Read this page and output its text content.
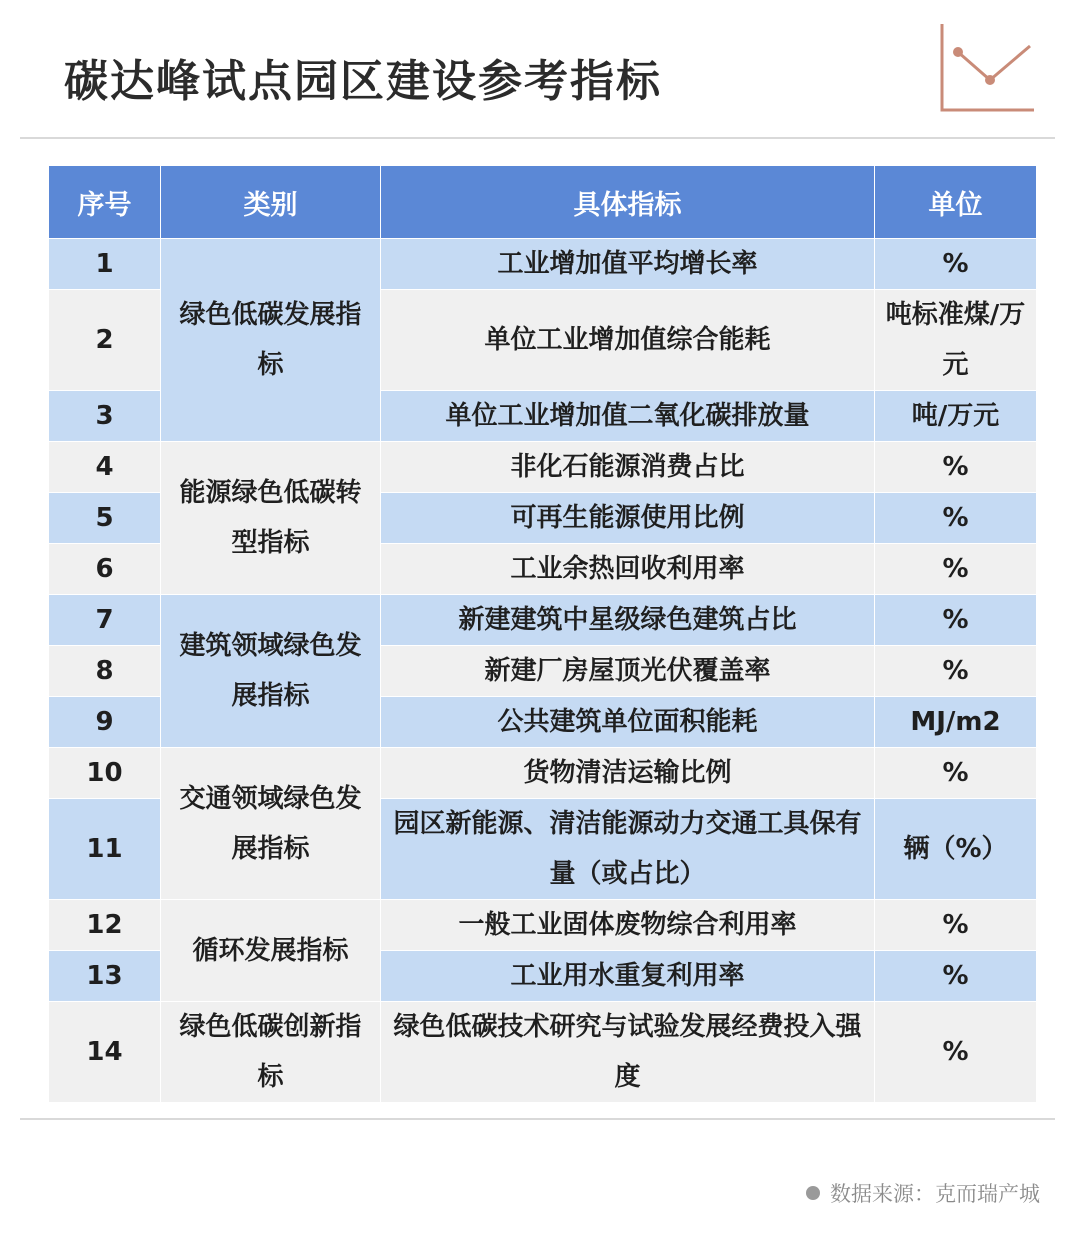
碳达峰试点园区建设参考指标
序号	类别	具体指标	单位
1	绿色低碳发展指标	工业增加值平均增长率	%
2		单位工业增加值综合能耗	吨标准煤/万元
3		单位工业增加值二氧化碳排放量	吨/万元
4	能源绿色低碳转型指标	非化石能源消费占比	%
5		可再生能源使用比例	%
6		工业余热回收利用率	%
7	建筑领域绿色发展指标	新建建筑中星级绿色建筑占比	%
8		新建厂房屋顶光伏覆盖率	%
9		公共建筑单位面积能耗	MJ/m2
10	交通领域绿色发展指标	货物清洁运输比例	%
11		园区新能源、清洁能源动力交通工具保有量（或占比）	辆（%）
12	循环发展指标	一般工业固体废物综合利用率	%
13		工业用水重复利用率	%
14	绿色低碳创新指标	绿色低碳技术研究与试验发展经费投入强度	%
数据来源：克而瑞产城
